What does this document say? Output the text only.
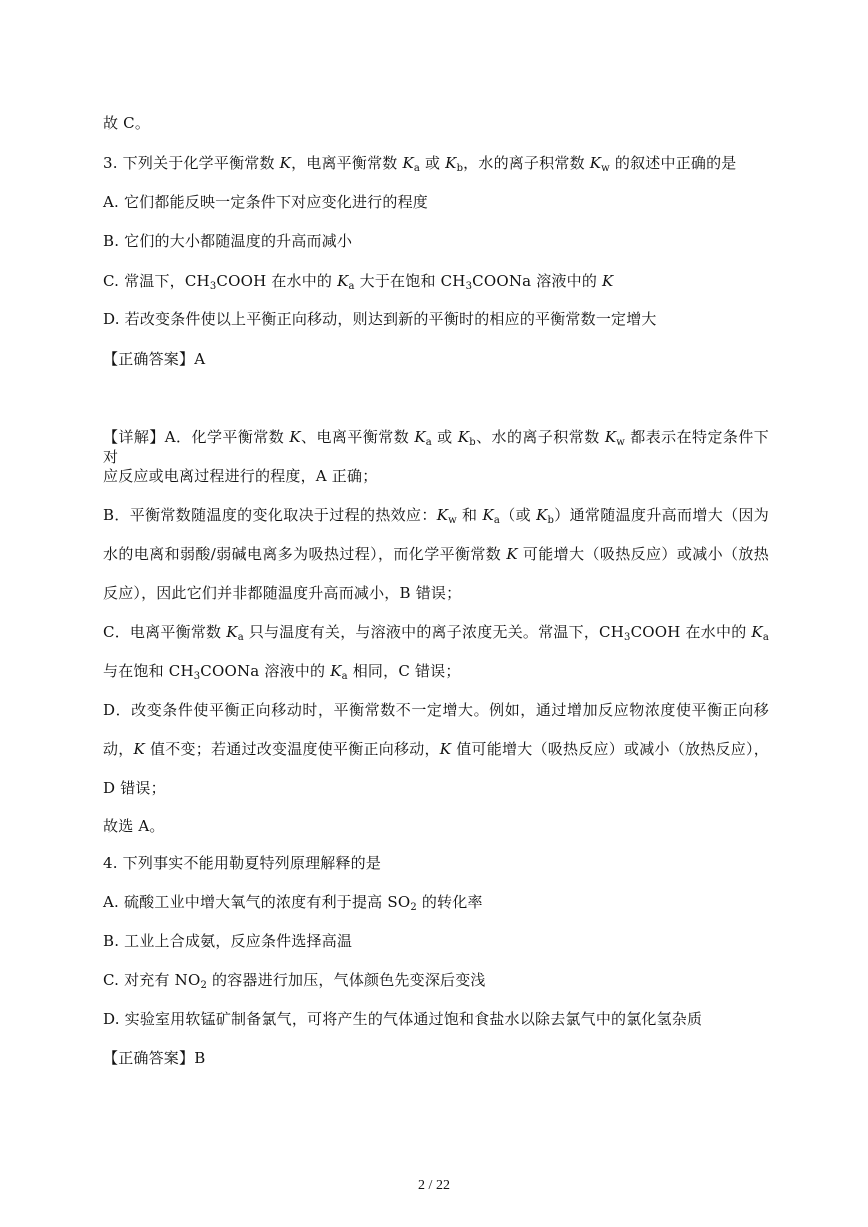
故 C。
3. 下列关于化学平衡常数 K，电离平衡常数 $K_a$ 或 $K_b$，水的离子积常数 $K_w$ 的叙述中正确的是
A. 它们都能反映一定条件下对应变化进行的程度
B. 它们的大小都随温度的升高而减小
C. 常温下，$CH_3COOH$ 在水中的 $K_a$ 大于在饱和 $CH_3COONa$ 溶液中的 K
D. 若改变条件使以上平衡正向移动，则达到新的平衡时的相应的平衡常数一定增大
【正确答案】A
【详解】A．化学平衡常数 K、电离平衡常数 $K_a$ 或 $K_b$、水的离子积常数 $K_w$ 都表示在特定条件下对
应反应或电离过程进行的程度，A 正确；
B．平衡常数随温度的变化取决于过程的热效应：$K_w$ 和 $K_a$（或 $K_b$）通常随温度升高而增大（因为
水的电离和弱酸/弱碱电离多为吸热过程），而化学平衡常数 K 可能增大（吸热反应）或减小（放热
反应），因此它们并非都随温度升高而减小，B 错误；
C．电离平衡常数 $K_a$ 只与温度有关，与溶液中的离子浓度无关。常温下，$CH_3COOH$ 在水中的 $K_a$
与在饱和 $CH_3COONa$ 溶液中的 $K_a$ 相同，C 错误；
D．改变条件使平衡正向移动时，平衡常数不一定增大。例如，通过增加反应物浓度使平衡正向移
动，K 值不变；若通过改变温度使平衡正向移动，K 值可能增大（吸热反应）或减小（放热反应），
D 错误；
故选 A。
4. 下列事实不能用勒夏特列原理解释的是
A. 硫酸工业中增大氧气的浓度有利于提高 $SO_2$ 的转化率
B. 工业上合成氨，反应条件选择高温
C. 对充有 $NO_2$ 的容器进行加压，气体颜色先变深后变浅
D. 实验室用软锰矿制备氯气，可将产生的气体通过饱和食盐水以除去氯气中的氯化氢杂质
【正确答案】B
2 / 22
